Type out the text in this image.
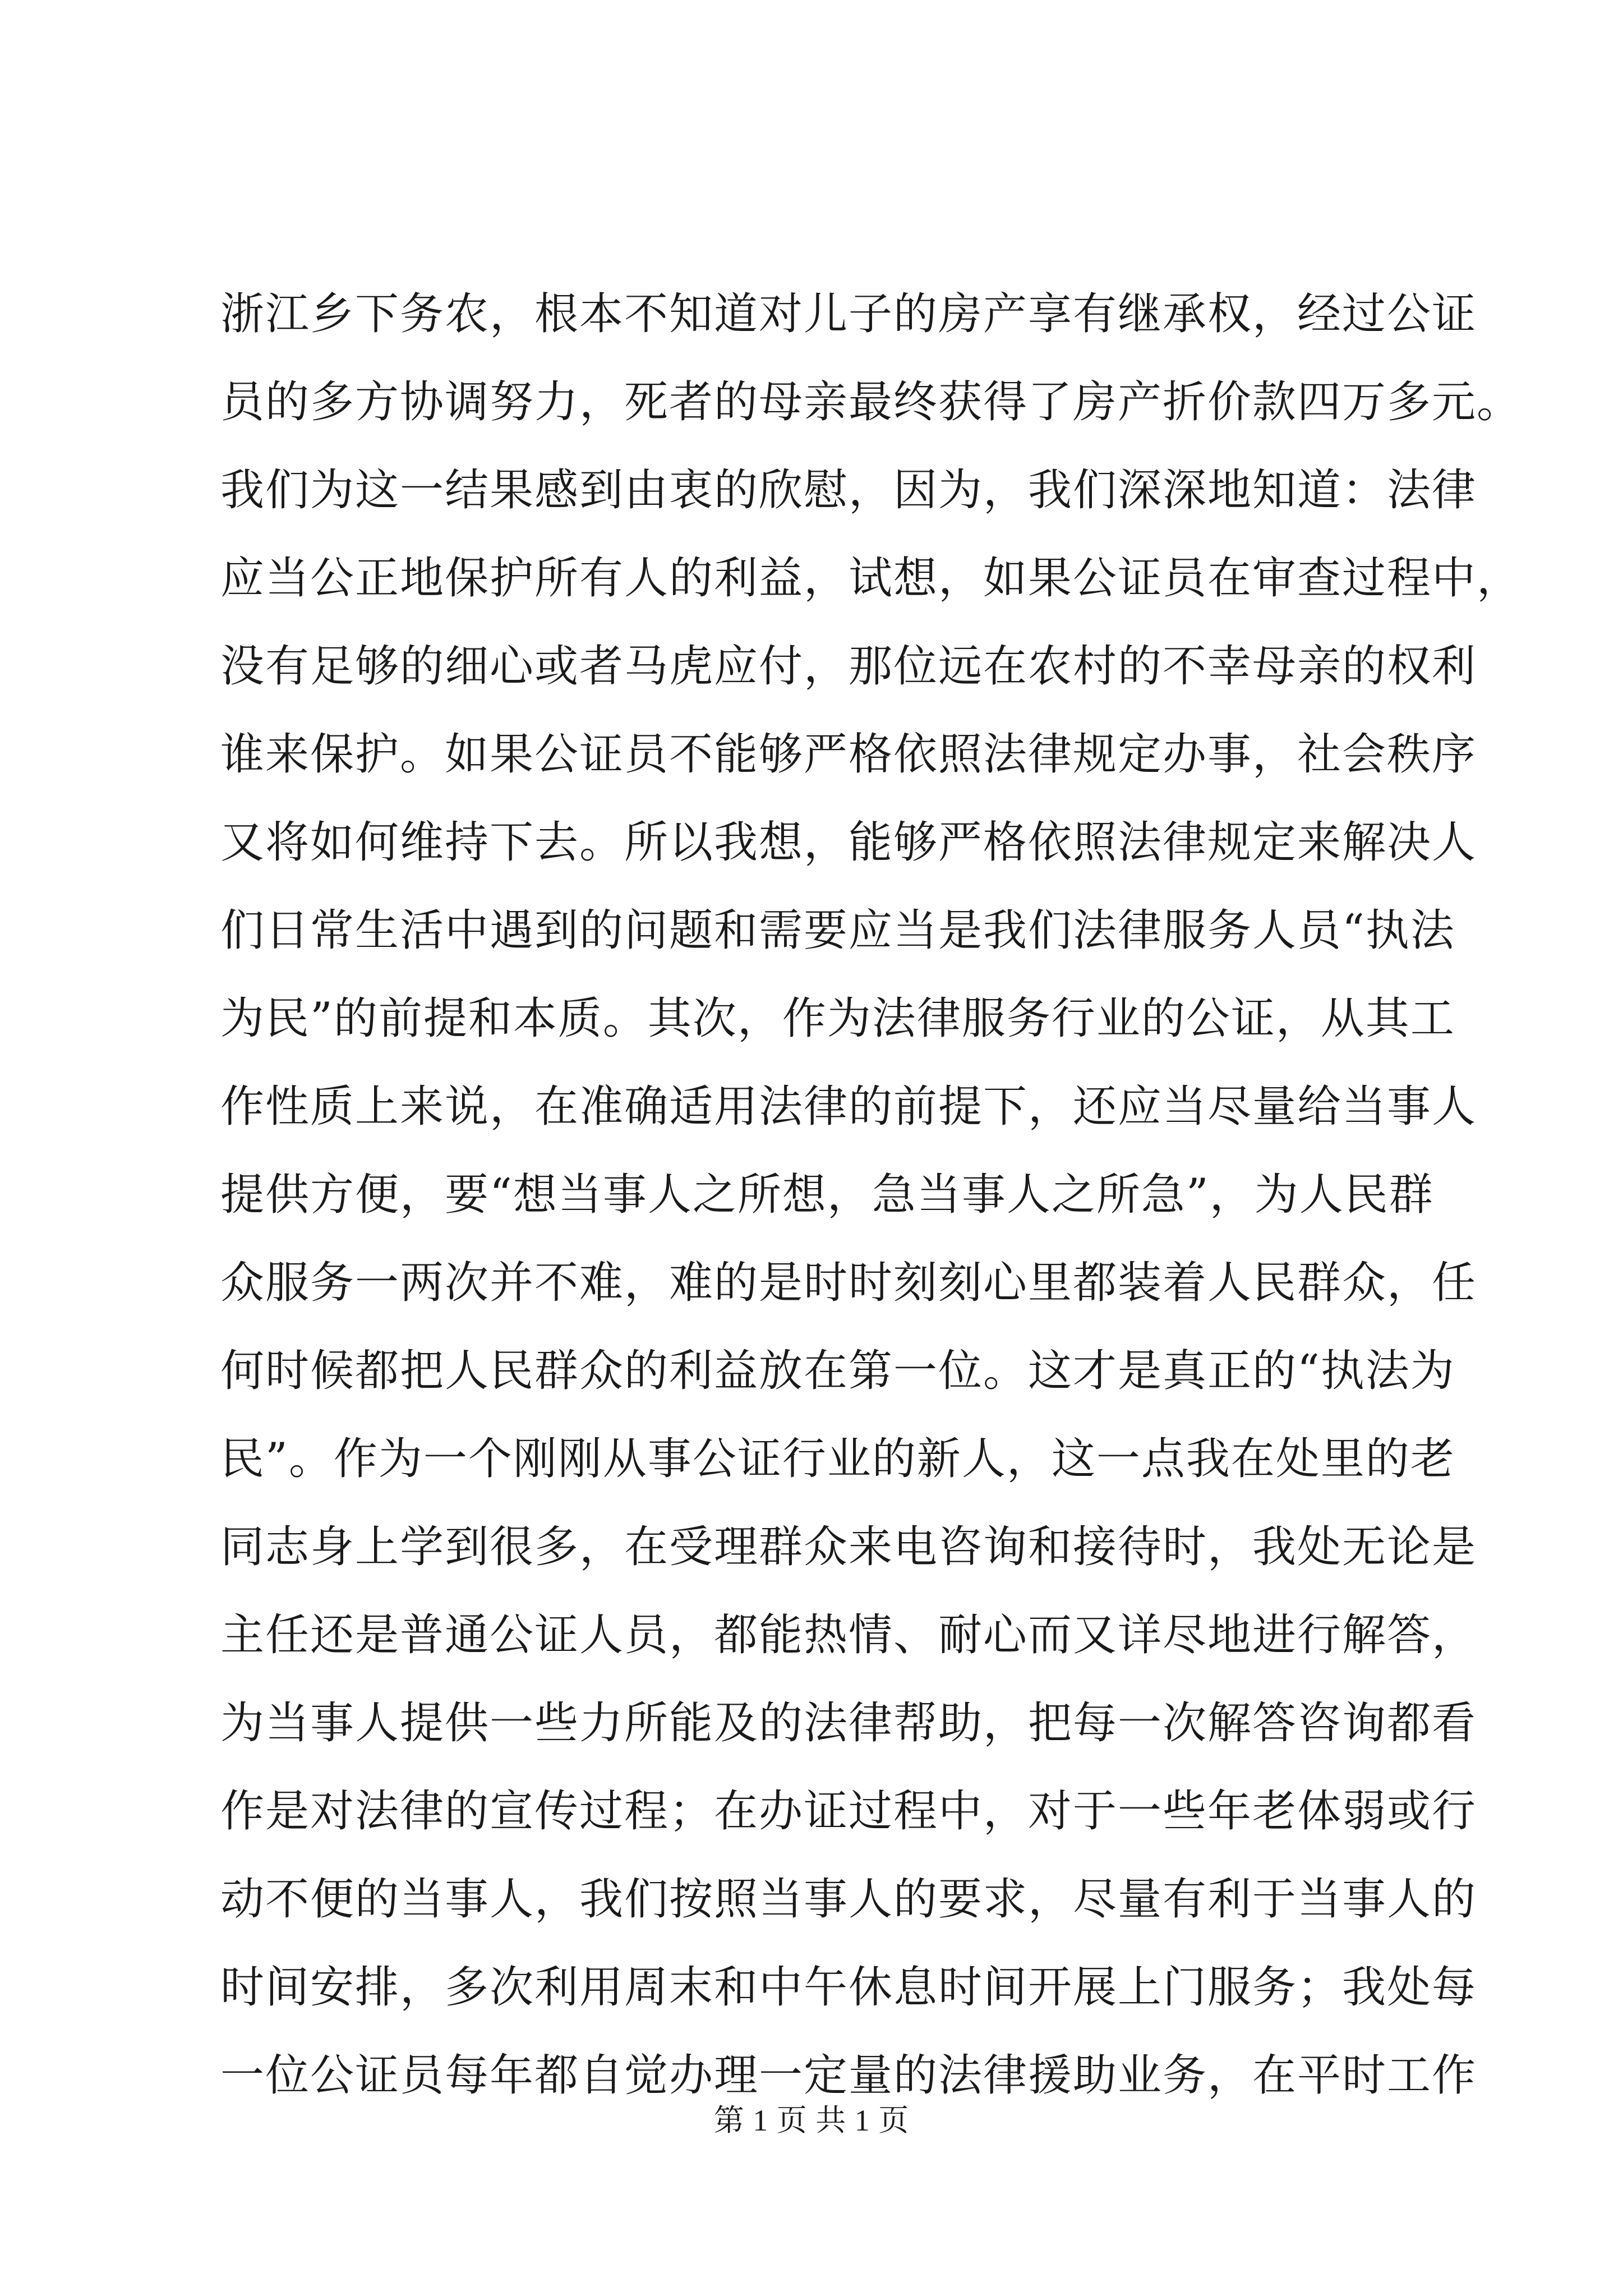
浙江乡下务农，根本不知道对儿子的房产享有继承权，经过公证
员的多方协调努力，死者的母亲最终获得了房产折价款四万多元。
我们为这一结果感到由衷的欣慰，因为，我们深深地知道：法律
应当公正地保护所有人的利益，试想，如果公证员在审查过程中，
没有足够的细心或者马虎应付，那位远在农村的不幸母亲的权利
谁来保护。如果公证员不能够严格依照法律规定办事，社会秩序
又将如何维持下去。所以我想，能够严格依照法律规定来解决人
们日常生活中遇到的问题和需要应当是我们法律服务人员“执法
为民”的前提和本质。其次，作为法律服务行业的公证，从其工
作性质上来说，在准确适用法律的前提下，还应当尽量给当事人
提供方便，要“想当事人之所想，急当事人之所急”，为人民群
众服务一两次并不难，难的是时时刻刻心里都装着人民群众，任
何时候都把人民群众的利益放在第一位。这才是真正的“执法为
民”。作为一个刚刚从事公证行业的新人，这一点我在处里的老
同志身上学到很多，在受理群众来电咨询和接待时，我处无论是
主任还是普通公证人员，都能热情、耐心而又详尽地进行解答，
为当事人提供一些力所能及的法律帮助，把每一次解答咨询都看
作是对法律的宣传过程；在办证过程中，对于一些年老体弱或行
动不便的当事人，我们按照当事人的要求，尽量有利于当事人的
时间安排，多次利用周末和中午休息时间开展上门服务；我处每
一位公证员每年都自觉办理一定量的法律援助业务，在平时工作
第 1 页 共 1 页
